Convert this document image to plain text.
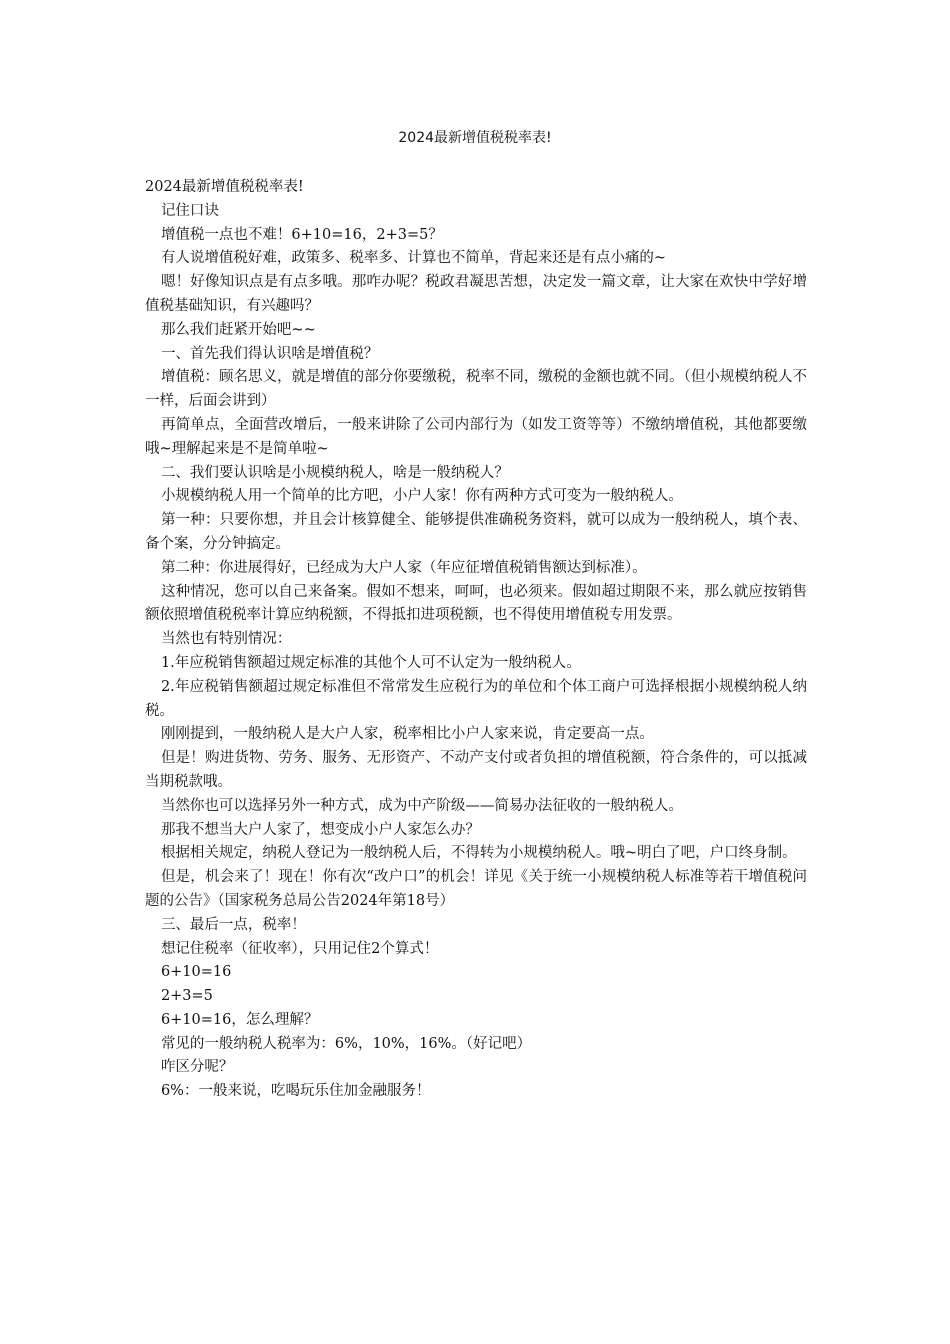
2024最新增值税税率表!

2024最新增值税税率表!

记住口诀

增值税一点也不难！6+10=16，2+3=5？

有人说增值税好难，政策多、税率多、计算也不简单，背起来还是有点小痛的~

嗯！好像知识点是有点多哦。那咋办呢？税政君凝思苦想，决定发一篇文章，让大家在欢快中学好增值税基础知识，有兴趣吗？

那么我们赶紧开始吧~~

一、首先我们得认识啥是增值税？

增值税：顾名思义，就是增值的部分你要缴税，税率不同，缴税的金额也就不同。（但小规模纳税人不一样，后面会讲到）

再简单点，全面营改增后，一般来讲除了公司内部行为（如发工资等等）不缴纳增值税，其他都要缴哦~理解起来是不是简单啦~

二、我们要认识啥是小规模纳税人，啥是一般纳税人？

小规模纳税人用一个简单的比方吧，小户人家！你有两种方式可变为一般纳税人。

第一种：只要你想，并且会计核算健全、能够提供准确税务资料，就可以成为一般纳税人，填个表、备个案，分分钟搞定。

第二种：你进展得好，已经成为大户人家（年应征增值税销售额达到标准）。

这种情况，您可以自己来备案。假如不想来，呵呵，也必须来。假如超过期限不来，那么就应按销售额依照增值税税率计算应纳税额，不得抵扣进项税额，也不得使用增值税专用发票。

当然也有特别情况：

1.年应税销售额超过规定标准的其他个人可不认定为一般纳税人。

2.年应税销售额超过规定标准但不常常发生应税行为的单位和个体工商户可选择根据小规模纳税人纳税。

刚刚提到，一般纳税人是大户人家，税率相比小户人家来说，肯定要高一点。

但是！购进货物、劳务、服务、无形资产、不动产支付或者负担的增值税额，符合条件的，可以抵减当期税款哦。

当然你也可以选择另外一种方式，成为中产阶级——简易办法征收的一般纳税人。

那我不想当大户人家了，想变成小户人家怎么办？

根据相关规定，纳税人登记为一般纳税人后，不得转为小规模纳税人。哦~明白了吧，户口终身制。

但是，机会来了！现在！你有次“改户口”的机会！详见《关于统一小规模纳税人标准等若干增值税问题的公告》（国家税务总局公告2024年第18号）

三、最后一点，税率！

想记住税率（征收率），只用记住2个算式！

6+10=16

2+3=5

6+10=16，怎么理解？

常见的一般纳税人税率为：6%，10%，16%。（好记吧）

咋区分呢？

6%：一般来说，吃喝玩乐住加金融服务！
